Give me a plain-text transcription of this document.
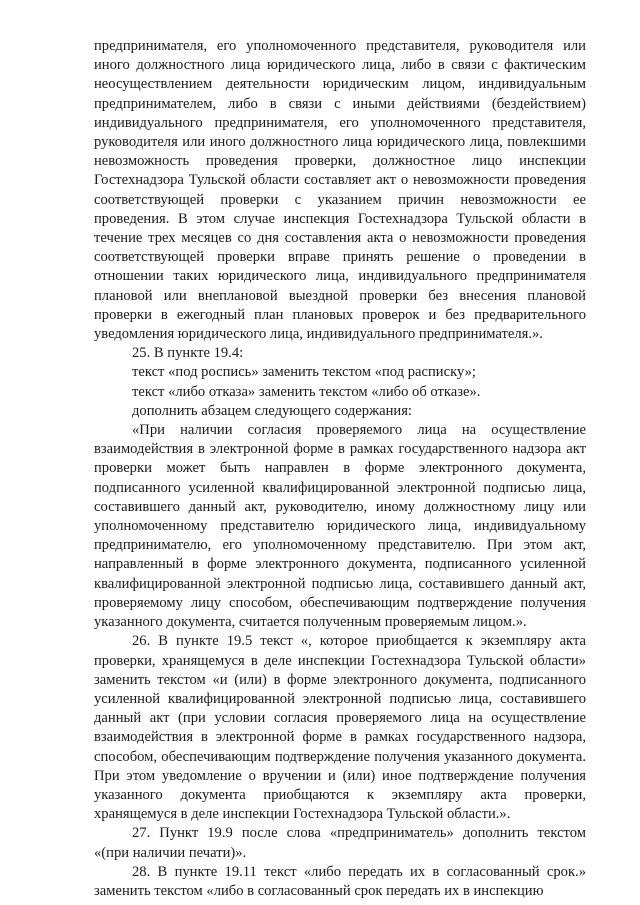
предпринимателя, его уполномоченного представителя, руководителя или иного должностного лица юридического лица, либо в связи с фактическим неосуществлением деятельности юридическим лицом, индивидуальным предпринимателем, либо в связи с иными действиями (бездействием) индивидуального предпринимателя, его уполномоченного представителя, руководителя или иного должностного лица юридического лица, повлекшими невозможность проведения проверки, должностное лицо инспекции Гостехнадзора Тульской области составляет акт о невозможности проведения соответствующей проверки с указанием причин невозможности ее проведения. В этом случае инспекция Гостехнадзора Тульской области в течение трех месяцев со дня составления акта о невозможности проведения соответствующей проверки вправе принять решение о проведении в отношении таких юридического лица, индивидуального предпринимателя плановой или внеплановой выездной проверки без внесения плановой проверки в ежегодный план плановых проверок и без предварительного уведомления юридического лица, индивидуального предпринимателя.».

25. В пункте 19.4:

текст «под роспись» заменить текстом «под расписку»;

текст «либо отказа» заменить текстом «либо об отказе».

дополнить абзацем следующего содержания:

«При наличии согласия проверяемого лица на осуществление взаимодействия в электронной форме в рамках государственного надзора акт проверки может быть направлен в форме электронного документа, подписанного усиленной квалифицированной электронной подписью лица, составившего данный акт, руководителю, иному должностному лицу или уполномоченному представителю юридического лица, индивидуальному предпринимателю, его уполномоченному представителю. При этом акт, направленный в форме электронного документа, подписанного усиленной квалифицированной электронной подписью лица, составившего данный акт, проверяемому лицу способом, обеспечивающим подтверждение получения указанного документа, считается полученным проверяемым лицом.».

26. В пункте 19.5 текст «, которое приобщается к экземпляру акта проверки, хранящемуся в деле инспекции Гостехнадзора Тульской области» заменить текстом «и (или) в форме электронного документа, подписанного усиленной квалифицированной электронной подписью лица, составившего данный акт (при условии согласия проверяемого лица на осуществление взаимодействия в электронной форме в рамках государственного надзора, способом, обеспечивающим подтверждение получения указанного документа. При этом уведомление о вручении и (или) иное подтверждение получения указанного документа приобщаются к экземпляру акта проверки, хранящемуся в деле инспекции Гостехнадзора Тульской области.».

27. Пункт 19.9 после слова «предприниматель» дополнить текстом «(при наличии печати)».

28. В пункте 19.11 текст «либо передать их в согласованный срок.» заменить текстом «либо в согласованный срок передать их в инспекцию
